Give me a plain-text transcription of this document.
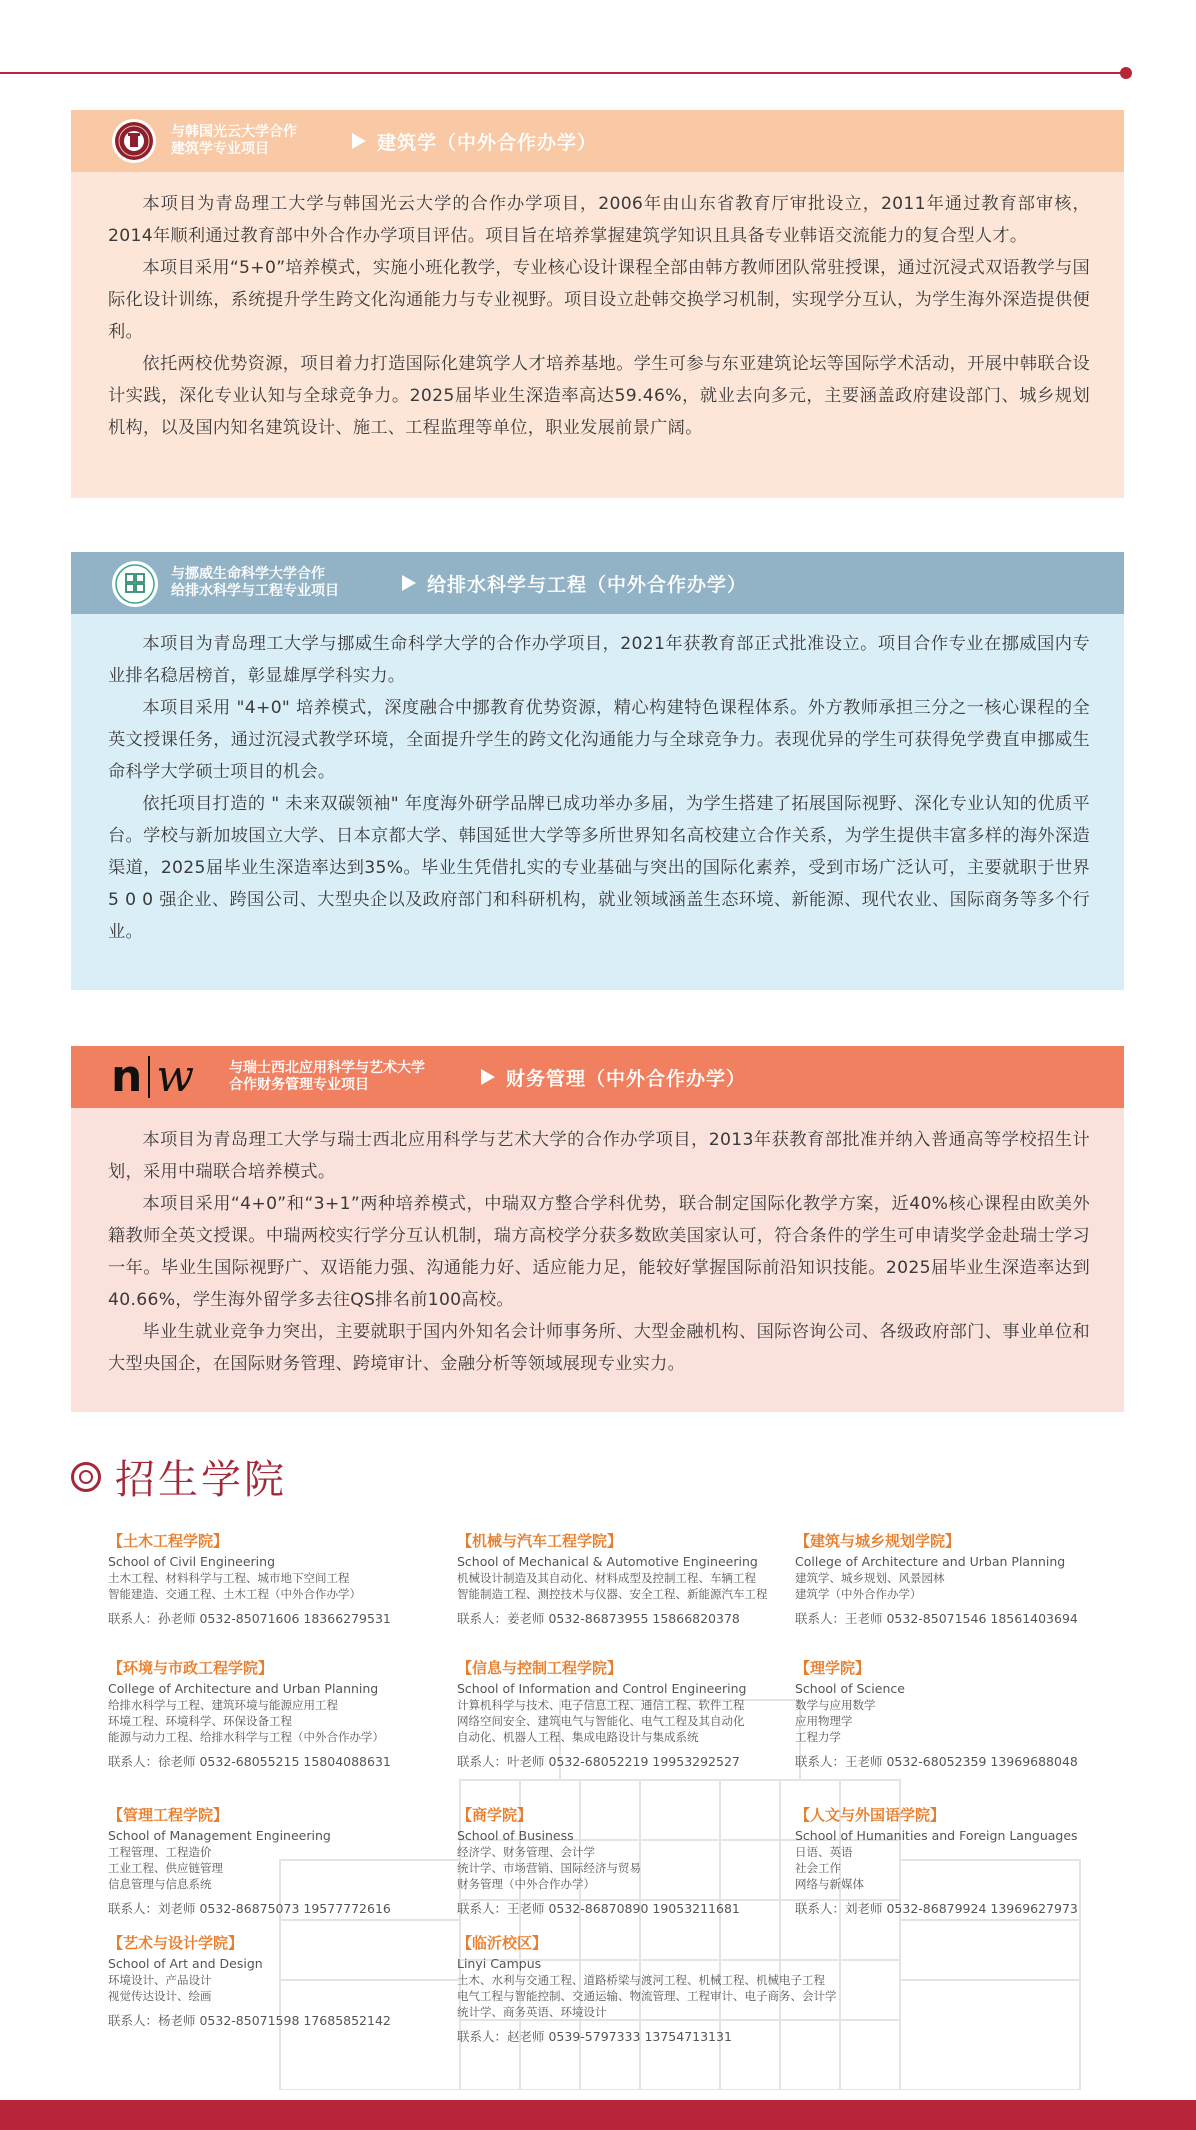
与韩国光云大学合作
建筑学专业项目	建筑学（中外合作办学）

本项目为青岛理工大学与韩国光云大学的合作办学项目，2006年由山东省教育厅审批设立，2011年通过教育部审核，2014年顺利通过教育部中外合作办学项目评估。项目旨在培养掌握建筑学知识且具备专业韩语交流能力的复合型人才。

本项目采用“5+0”培养模式，实施小班化教学，专业核心设计课程全部由韩方教师团队常驻授课，通过沉浸式双语教学与国际化设计训练，系统提升学生跨文化沟通能力与专业视野。项目设立赴韩交换学习机制，实现学分互认，为学生海外深造提供便利。

依托两校优势资源，项目着力打造国际化建筑学人才培养基地。学生可参与东亚建筑论坛等国际学术活动，开展中韩联合设计实践，深化专业认知与全球竞争力。2025届毕业生深造率高达59.46%，就业去向多元，主要涵盖政府建设部门、城乡规划机构，以及国内知名建筑设计、施工、工程监理等单位，职业发展前景广阔。

与挪威生命科学大学合作
给排水科学与工程专业项目	给排水科学与工程（中外合作办学）

本项目为青岛理工大学与挪威生命科学大学的合作办学项目，2021年获教育部正式批准设立。项目合作专业在挪威国内专业排名稳居榜首，彰显雄厚学科实力。

本项目采用 "4+0" 培养模式，深度融合中挪教育优势资源，精心构建特色课程体系。外方教师承担三分之一核心课程的全英文授课任务，通过沉浸式教学环境，全面提升学生的跨文化沟通能力与全球竞争力。表现优异的学生可获得免学费直申挪威生命科学大学硕士项目的机会。

依托项目打造的 " 未来双碳领袖" 年度海外研学品牌已成功举办多届，为学生搭建了拓展国际视野、深化专业认知的优质平台。学校与新加坡国立大学、日本京都大学、韩国延世大学等多所世界知名高校建立合作关系，为学生提供丰富多样的海外深造渠道，2025届毕业生深造率达到35%。毕业生凭借扎实的专业基础与突出的国际化素养，受到市场广泛认可，主要就职于世界 5 0 0 强企业、跨国公司、大型央企以及政府部门和科研机构，就业领域涵盖生态环境、新能源、现代农业、国际商务等多个行业。

n w	与瑞士西北应用科学与艺术大学
合作财务管理专业项目	财务管理（中外合作办学）

本项目为青岛理工大学与瑞士西北应用科学与艺术大学的合作办学项目，2013年获教育部批准并纳入普通高等学校招生计划，采用中瑞联合培养模式。

本项目采用“4+0”和“3+1”两种培养模式，中瑞双方整合学科优势，联合制定国际化教学方案，近40%核心课程由欧美外籍教师全英文授课。中瑞两校实行学分互认机制，瑞方高校学分获多数欧美国家认可，符合条件的学生可申请奖学金赴瑞士学习一年。毕业生国际视野广、双语能力强、沟通能力好、适应能力足，能较好掌握国际前沿知识技能。2025届毕业生深造率达到40.66%，学生海外留学多去往QS排名前100高校。

毕业生就业竞争力突出，主要就职于国内外知名会计师事务所、大型金融机构、国际咨询公司、各级政府部门、事业单位和大型央国企，在国际财务管理、跨境审计、金融分析等领域展现专业实力。

招生学院
【土木工程学院】
School of Civil Engineering
土木工程、材料科学与工程、城市地下空间工程
智能建造、交通工程、土木工程（中外合作办学）
联系人：孙老师 0532-85071606 18366279531
【机械与汽车工程学院】
School of Mechanical & Automotive Engineering
机械设计制造及其自动化、材料成型及控制工程、车辆工程
智能制造工程、测控技术与仪器、安全工程、新能源汽车工程
联系人：姜老师 0532-86873955 15866820378
【建筑与城乡规划学院】
College of Architecture and Urban Planning
建筑学、城乡规划、风景园林
建筑学（中外合作办学）
联系人：王老师 0532-85071546 18561403694
【环境与市政工程学院】
College of Architecture and Urban Planning
给排水科学与工程、建筑环境与能源应用工程
环境工程、环境科学、环保设备工程
能源与动力工程、给排水科学与工程（中外合作办学）
联系人：徐老师 0532-68055215 15804088631
【信息与控制工程学院】
School of Information and Control Engineering
计算机科学与技术、电子信息工程、通信工程、软件工程
网络空间安全、建筑电气与智能化、电气工程及其自动化
自动化、机器人工程、集成电路设计与集成系统
联系人：叶老师 0532-68052219 19953292527
【理学院】
School of Science
数学与应用数学
应用物理学
工程力学
联系人：王老师 0532-68052359 13969688048
【管理工程学院】
School of Management Engineering
工程管理、工程造价
工业工程、供应链管理
信息管理与信息系统
联系人：刘老师 0532-86875073 19577772616
【商学院】
School of Business
经济学、财务管理、会计学
统计学、市场营销、国际经济与贸易
财务管理（中外合作办学）
联系人：王老师 0532-86870890 19053211681
【人文与外国语学院】
School of Humanities and Foreign Languages
日语、英语
社会工作
网络与新媒体
联系人：刘老师 0532-86879924 13969627973
【艺术与设计学院】
School of Art and Design
环境设计、产品设计
视觉传达设计、绘画
联系人：杨老师 0532-85071598 17685852142
【临沂校区】
Linyi Campus
土木、水利与交通工程、道路桥梁与渡河工程、机械工程、机械电子工程
电气工程与智能控制、交通运输、物流管理、工程审计、电子商务、会计学
统计学、商务英语、环境设计
联系人：赵老师 0539-5797333 13754713131
